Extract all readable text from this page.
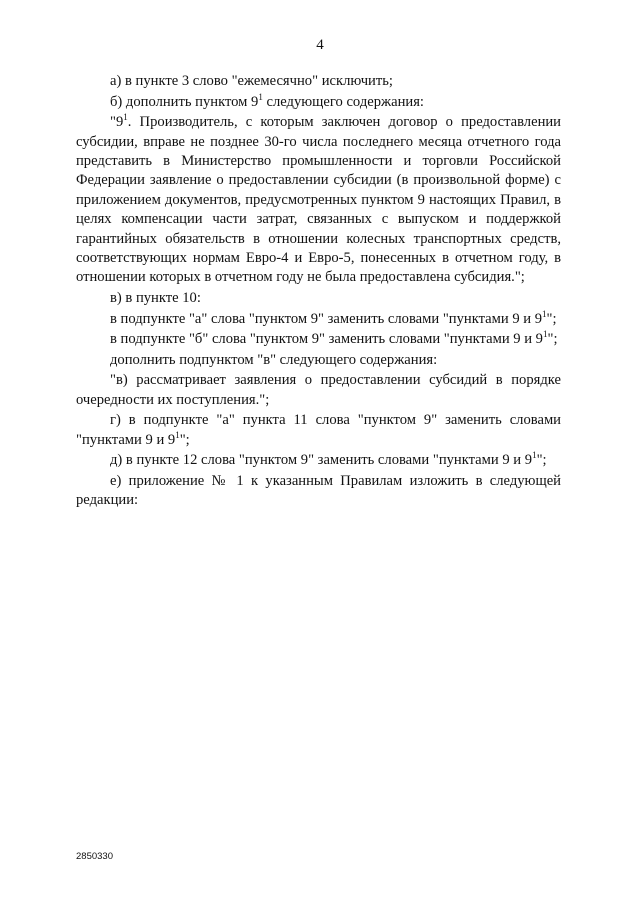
4

а) в пункте 3 слово "ежемесячно" исключить;

б) дополнить пунктом $9^1$ следующего содержания:

"$9^1$. Производитель, с которым заключен договор о предоставлении субсидии, вправе не позднее 30-го числа последнего месяца отчетного года представить в Министерство промышленности и торговли Российской Федерации заявление о предоставлении субсидии (в произвольной форме) с приложением документов, предусмотренных пунктом 9 настоящих Правил, в целях компенсации части затрат, связанных с выпуском и поддержкой гарантийных обязательств в отношении колесных транспортных средств, соответствующих нормам Евро-4 и Евро-5, понесенных в отчетном году, в отношении которых в отчетном году не была предоставлена субсидия.";

в) в пункте 10:

в подпункте "а" слова "пунктом 9" заменить словами "пунктами 9 и $9^1$";

в подпункте "б" слова "пунктом 9" заменить словами "пунктами 9 и $9^1$";

дополнить подпунктом "в" следующего содержания:

"в) рассматривает заявления о предоставлении субсидий в порядке очередности их поступления.";

г) в подпункте "а" пункта 11 слова "пунктом 9" заменить словами "пунктами 9 и $9^1$";

д) в пункте 12 слова "пунктом 9" заменить словами "пунктами 9 и $9^1$";

е) приложение № 1 к указанным Правилам изложить в следующей редакции:

2850330
